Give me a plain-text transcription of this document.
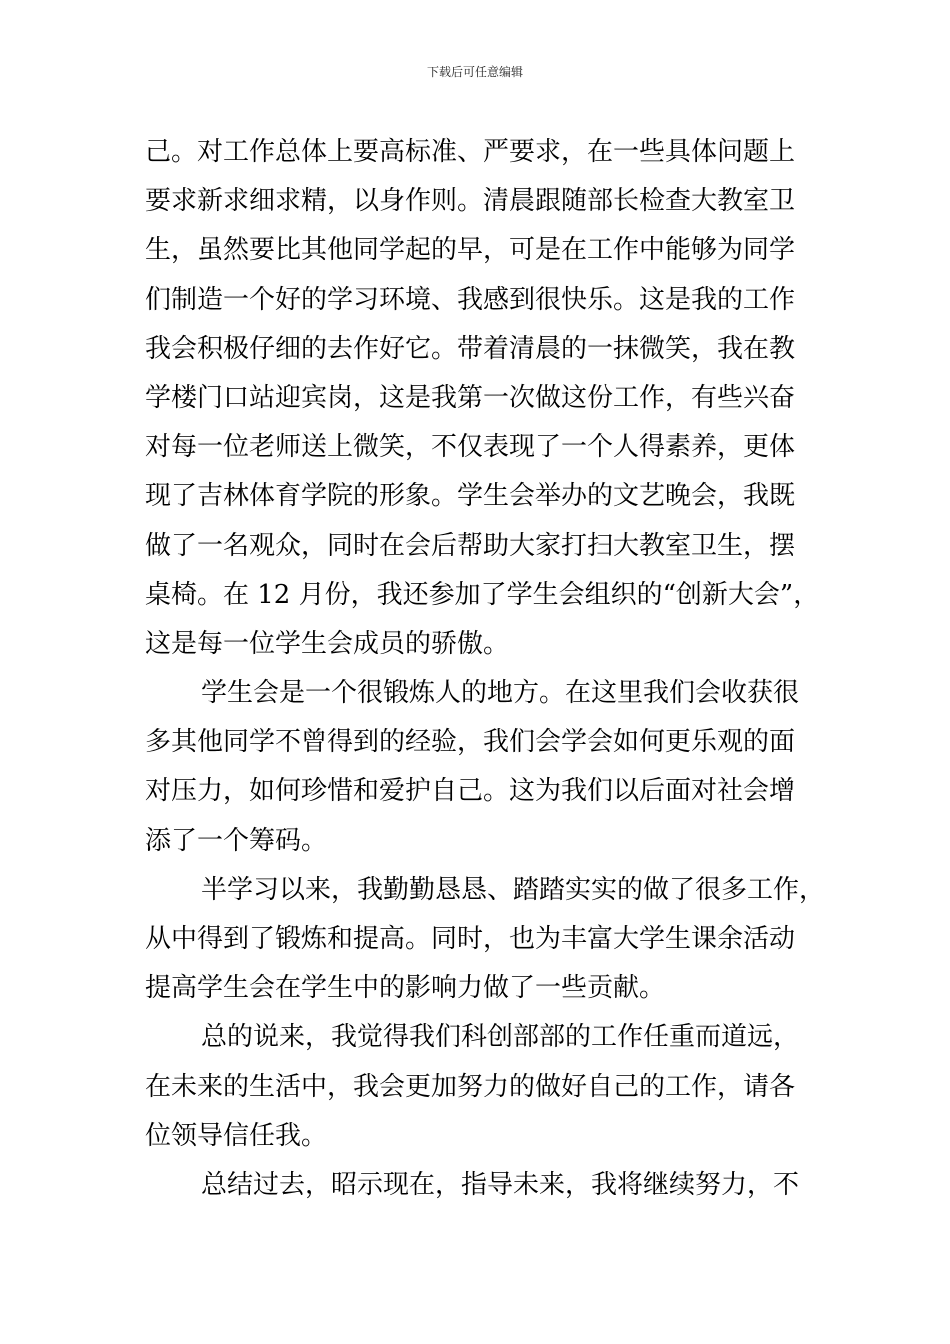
下载后可任意编辑
己。对工作总体上要高标准、严要求，在一些具体问题上
要求新求细求精，以身作则。清晨跟随部长检查大教室卫
生，虽然要比其他同学起的早，可是在工作中能够为同学
们制造一个好的学习环境、我感到很快乐。这是我的工作
我会积极仔细的去作好它。带着清晨的一抹微笑，我在教
学楼门口站迎宾岗，这是我第一次做这份工作，有些兴奋
对每一位老师送上微笑，不仅表现了一个人得素养，更体
现了吉林体育学院的形象。学生会举办的文艺晚会，我既
做了一名观众，同时在会后帮助大家打扫大教室卫生，摆
桌椅。在 12 月份，我还参加了学生会组织的“创新大会”，
这是每一位学生会成员的骄傲。
学生会是一个很锻炼人的地方。在这里我们会收获很
多其他同学不曾得到的经验，我们会学会如何更乐观的面
对压力，如何珍惜和爱护自己。这为我们以后面对社会增
添了一个筹码。
半学习以来，我勤勤恳恳、踏踏实实的做了很多工作，
从中得到了锻炼和提高。同时，也为丰富大学生课余活动
提高学生会在学生中的影响力做了一些贡献。
总的说来，我觉得我们科创部部的工作任重而道远，
在未来的生活中，我会更加努力的做好自己的工作，请各
位领导信任我。
总结过去，昭示现在，指导未来，我将继续努力，不
